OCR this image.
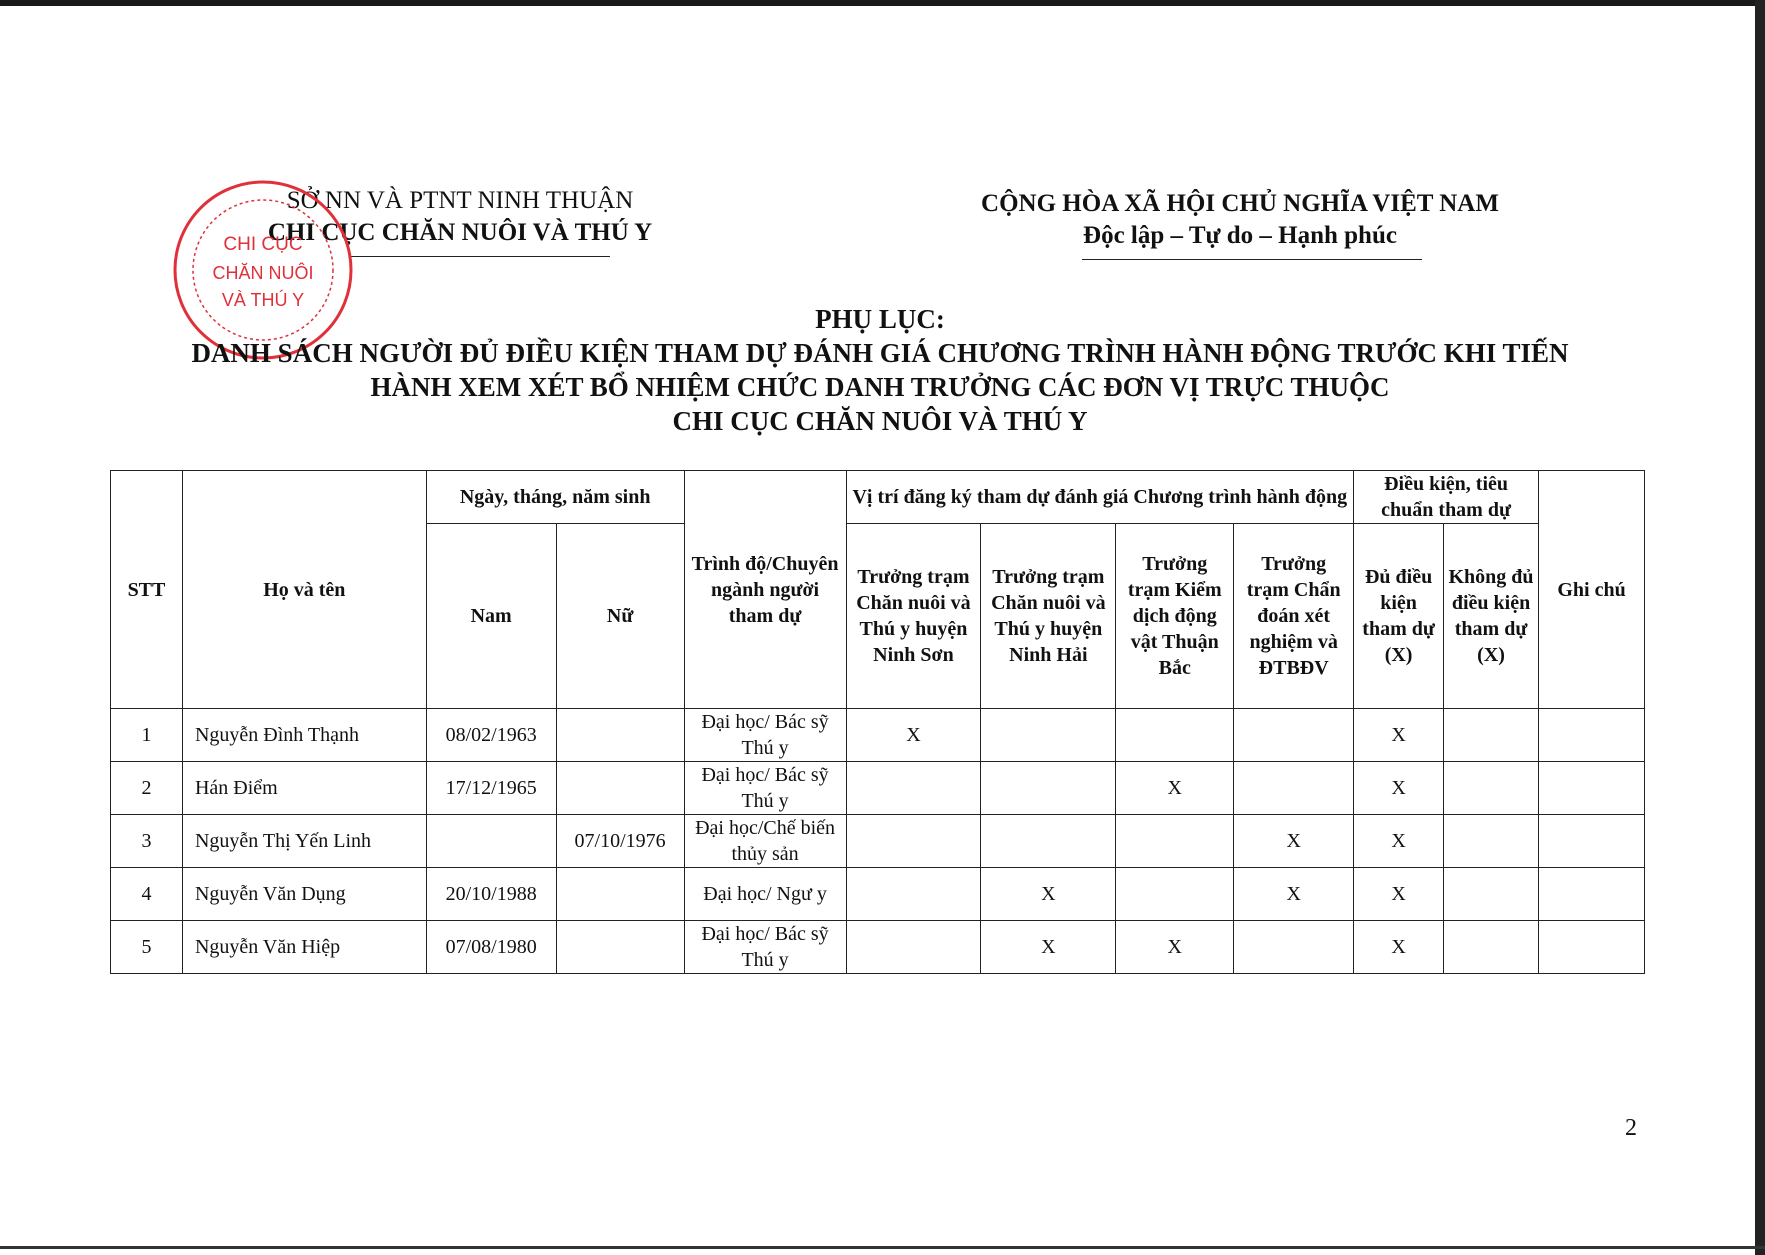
SỞ NN VÀ PTNT NINH THUẬN
CHI CỤC CHĂN NUÔI VÀ THÚ Y
CỘNG HÒA XÃ HỘI CHỦ NGHĨA VIỆT NAM
Độc lập – Tự do – Hạnh phúc
CHI CỤC
CHĂN NUÔI
VÀ THÚ Y
PHỤ LỤC:
DANH SÁCH NGƯỜI ĐỦ ĐIỀU KIỆN THAM DỰ ĐÁNH GIÁ CHƯƠNG TRÌNH HÀNH ĐỘNG TRƯỚC KHI TIẾN
HÀNH XEM XÉT BỔ NHIỆM CHỨC DANH TRƯỞNG CÁC ĐƠN VỊ TRỰC THUỘC
CHI CỤC CHĂN NUÔI VÀ THÚ Y
STT	Họ và tên	Ngày, tháng, năm sinh		Trình độ/Chuyên ngành người tham dự	Vị trí đăng ký tham dự đánh giá Chương trình hành động				Điều kiện, tiêu chuẩn tham dự		Ghi chú
		Nam	Nữ		Trưởng trạm Chăn nuôi và Thú y huyện Ninh Sơn	Trưởng trạm Chăn nuôi và Thú y huyện Ninh Hải	Trưởng trạm Kiểm dịch động vật Thuận Bắc	Trưởng trạm Chẩn đoán xét nghiệm và ĐTBĐV	Đủ điều kiện tham dự (X)	Không đủ điều kiện tham dự (X)	
1	Nguyễn Đình Thạnh	08/02/1963		Đại học/ Bác sỹ Thú y	X				X		
2	Hán Điểm	17/12/1965		Đại học/ Bác sỹ Thú y			X		X		
3	Nguyễn Thị Yến Linh		07/10/1976	Đại học/Chế biến thủy sản				X	X		
4	Nguyễn Văn Dụng	20/10/1988		Đại học/ Ngư y		X		X	X		
5	Nguyễn Văn Hiệp	07/08/1980		Đại học/ Bác sỹ Thú y		X	X		X		
2
